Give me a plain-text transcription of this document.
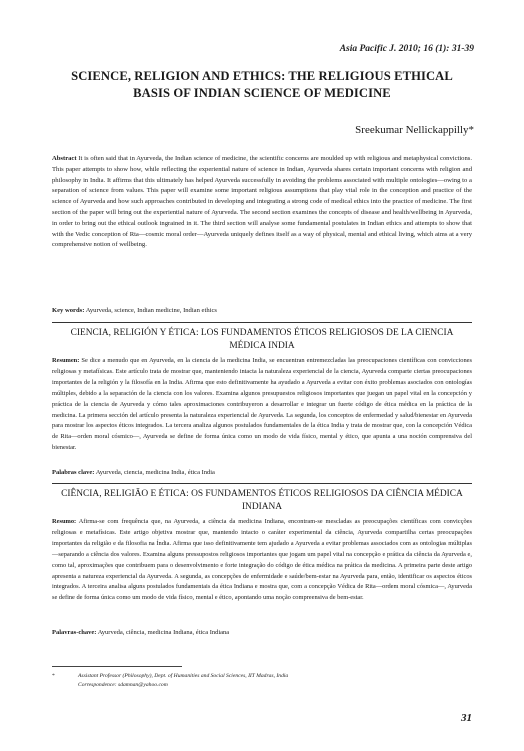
Asia Pacific J. 2010; 16 (1): 31-39
SCIENCE, RELIGION AND ETHICS: THE RELIGIOUS ETHICAL BASIS OF INDIAN SCIENCE OF MEDICINE
Sreekumar Nellickappilly*
Abstract It is often said that in Ayurveda, the Indian science of medicine, the scientific concerns are moulded up with religious and metaphysical convictions. This paper attempts to show how, while reflecting the experiential nature of science in Indian, Ayurveda shares certain important concerns with religion and philosophy in India. It affirms that this ultimately has helped Ayurveda successfully in avoiding the problems associated with multiple ontologies—owing to a separation of science from values. This paper will examine some important religious assumptions that play vital role in the conception and practice of the science of Ayurveda and how such approaches contributed in developing and integrating a strong code of medical ethics into the practice of medicine. The first section of the paper will bring out the experiential nature of Ayurveda. The second section examines the concepts of disease and health/wellbeing in Ayurveda, in order to bring out the ethical outlook ingrained in it. The third section will analyse some fundamental postulates in Indian ethics and attempts to show that with the Vedic conception of Rta—cosmic moral order—Ayurveda uniquely defines itself as a way of physical, mental and ethical living, which aims at a very comprehensive notion of wellbeing.
Key words: Ayurveda, science, Indian medicine, Indian ethics
CIENCIA, RELIGIÓN Y ÉTICA: LOS FUNDAMENTOS ÉTICOS RELIGIOSOS DE LA CIENCIA MÉDICA INDIA
Resumen: Se dice a menudo que en Ayurveda, en la ciencia de la medicina India, se encuentran entremezcladas las preocupaciones científicas con convicciones religiosas y metafísicas. Este artículo trata de mostrar que, manteniendo intacta la naturaleza experiencial de la ciencia, Ayurveda comparte ciertas preocupaciones importantes de la religión y la filosofía en la India. Afirma que esto definitivamente ha ayudado a Ayurveda a evitar con éxito problemas asociados con ontologías múltiples, debido a la separación de la ciencia con los valores. Examina algunos presupuestos religiosos importantes que juegan un papel vital en la concepción y práctica de la ciencia de Ayurveda y cómo tales aproximaciones contribuyeron a desarrollar e integrar un fuerte código de ética médica en la práctica de la medicina. La primera sección del artículo presenta la naturaleza experiencial de Ayurveda. La segunda, los conceptos de enfermedad y salud/bienestar en Ayurveda para mostrar los aspectos éticos integrados. La tercera analiza algunos postulados fundamentales de la ética India y trata de mostrar que, con la concepción Védica de Rita—orden moral cósmico—, Ayurveda se define de forma única como un modo de vida físico, mental y ético, que apunta a una noción comprensiva del bienestar.
Palabras clave: Ayurveda, ciencia, medicina India, ética India
CIÊNCIA, RELIGIÃO E ÉTICA: OS FUNDAMENTOS ÉTICOS RELIGIOSOS DA CIÊNCIA MÉDICA INDIANA
Resumo: Afirma-se com frequência que, na Ayurveda, a ciência da medicina Indiana, encontram-se mescladas as preocupações científicas com convicções religiosas e metafísicas. Este artigo objetiva mostrar que, mantendo intacto o caráter experimental da ciência, Ayurveda compartilha certas preocupações importantes da religião e da filosofia na Índia. Afirma que isso definitivamente tem ajudado a Ayurveda a evitar problemas associados com as ontologias múltiplas—separando a ciência dos valores. Examina alguns pressupostos religiosos importantes que jogam um papel vital na concepção e prática da ciência da Ayurveda e, como tal, aproximações que contribuem para o desenvolvimento e forte integração do código de ética médica na prática da medicina. A primeira parte deste artigo apresenta a natureza experiencial da Ayurveda. A segunda, as concepções de enfermidade e saúde/bem-estar na Ayurveda para, então, identificar os aspectos éticos integrados. A terceira analisa alguns postulados fundamentais da ética Indiana e mostra que, com a concepção Védica de Rita—ordem moral cósmica—, Ayurveda se define de forma única como um modo de vida físico, mental e ético, apontando uma noção compreensiva de bem-estar.
Palavras-chave: Ayurveda, ciência, medicina Indiana, ética Indiana
*	Assistant Professor (Philosophy), Dept. of Humanities and Social Sciences, IIT Madras, India
Correspondence: sdamnan@yahoo.com
31
